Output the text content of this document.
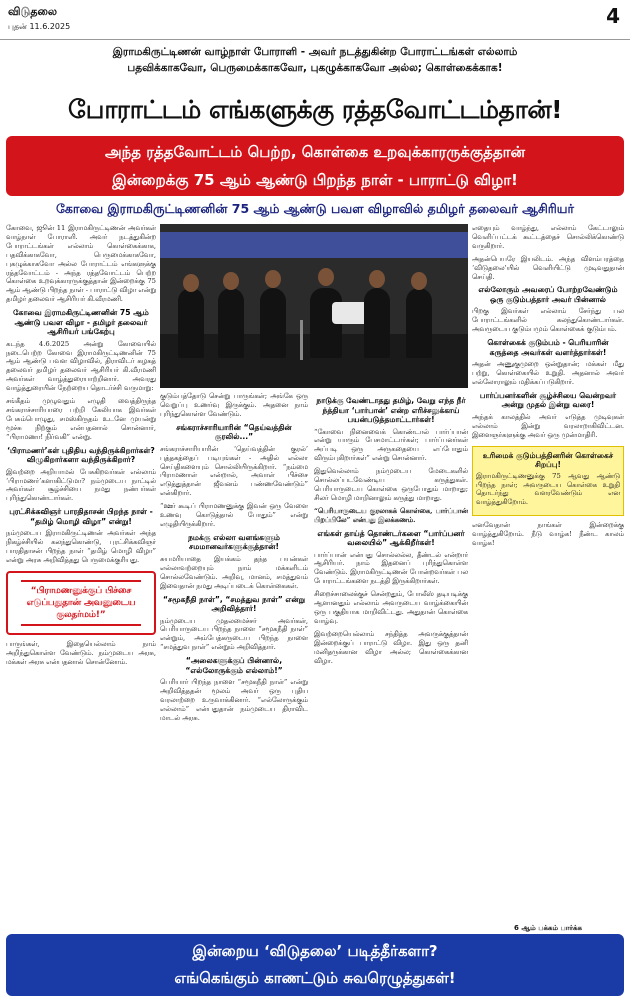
விடுதலை
புதன் 11.6.2025	4
இராமகிருட்டிணன் வாழ்நாள் போராளி - அவர் நடத்துகின்ற போராட்டங்கள் எல்லாம்
பதவிக்காகவோ, பெருமைக்காகவோ, புகழுக்காகவோ அல்ல; கொள்கைக்காக!
போராட்டம் எங்களுக்கு ரத்தவோட்டம்தான்!
அந்த ரத்தவோட்டம் பெற்ற, கொள்கை உறவுக்காரருக்குத்தான்
இன்றைக்கு 75 ஆம் ஆண்டு பிறந்த நாள் - பாராட்டு விழா!
கோவை இராமகிருட்டிணனின் 75 ஆம் ஆண்டு பவள விழாவில் தமிழர் தலைவர் ஆசிரியர்

கோவை, ஜூன் 11 இராமகிருட்டிணன் அவர்கள் வாழ்நாள் போராளி. அவர் நடத்துகின்ற போராட்டங்கள் எல்லாம் கொள்கைக்காக, பதவிக்காகவோ, பெருமைக்காகவோ, புகழுக்காகவோ அல்ல போராட்டம் எங்களுக்கு ரத்தவோட்டம் - அந்த ரத்தவோட்டம் பெற்ற கொள்கை உறவுக்காரருக்குத்தான் இன்றைக்கு 75 ஆம் ஆண்டு பிறந்த நாள் - பாராட்டு விழா என்று தமிழர் தலைவர் ஆசிரியர் கி.வீரமணி.

கோவை இராமகிருட்டிணனின் 75 ஆம் ஆண்டு பவள விழா - தமிழர் தலைவர் ஆசிரியர் பங்கேற்பு

கடந்த 4.6.2025 அன்று கோவையில் நடைபெற்ற கோவை இராமகிருட்டிணனின் 75 ஆம் ஆண்டு பவள விழாவில், திராவிடர் கழகத் தலைவர் தமிழர் தலைவர் ஆசிரியர் கி.வீரமணி அவர்கள் வாழ்த்துரையாற்றினார். அவரது வாழ்த்துரையின் நேற்றைய தொடர்ச்சி வருமாறு:

சங்கீதம் முழுவதும் எழுதி வைத்திருந்த சங்கராச்சாரியாரை பற்றி கேலியாக இவர்கள் பேசும்பொழுது, சமஸ்கிருதம் உடனே முயன்று மூச்சு நிற்கும் என்பதனால் சொன்னார், “பிராமணா! நிர்வகி” என்று.

‘பிராமணர்’கள் புதிதிய வந்திருக்கிறார்கள்? விழுகிறார்களா வந்திருக்கிறார்?

இவற்றை அறியாமல் பேசுகிறவர்கள் எல்லாம் ‘பிராமணர்’களாகிட்டுமா? நம்முடைய நாட்டில் அவர்கள் சூழ்ச்சியை நமது நண்பர்கள் புரிந்துகொண்டார்கள்.

புரட்சிக்கவிஞர் பாரதிதாசன் பிறந்த நாள் - “தமிழ் மொழி விழா” என்று!

நம்முடைய இராமகிருட்டிணன் அவர்கள் அந்த நிகழ்ச்சியில் கலந்துகொண்டு, புரட்சிக்கவிஞர் பாரதிதாசன் பிறந்த நாள் “தமிழ் மொழி விழா” என்று அரசு அறிவித்தது பெருமைக்குரியது.

“பிராமணனுக்குப் பிச்சை எடுப்பதுதான் அவனுடைய குலதர்மம்!”

பாருங்கள், இதையெல்லாம் நாம் அறிந்துகொள்ள வேண்டும். நம்முடைய அரசு, மக்கள் அரசு என்பதனால் சொன்னோம்.

குடும்பத்தோடு சென்று பாருங்கள்; அங்கே ஒரு வெறுப்பு உணர்வு இருக்கும். அதனை நாம் புரிந்துகொள்ள வேண்டும்.

சங்கராச்சாரியாரின் “தெய்வத்தின் குரலில்...”

சங்கராச்சாரியாரின் ‘தெய்வத்தின் குரல்’ புத்தகத்தைப் படியுங்கள் - அதில் எல்லா செய்திகளையும் சொல்லியிருக்கிறார். “நம்மை பிராமணாள் என்றால், அவாள் பிச்சை எடுத்துத்தான் ஜீவனம் பண்ணவேண்டும்” என்கிறார்.

“ஊர் கூடிப் பிராமணனுக்கு இவன் ஒரு வேளை உணவு கொடுத்தால் போதும்” என்று எழுதியிருக்கிறார்.

நமக்கு எல்லா வளங்களும் சமமானவர்களுக்குத்தான்!

சுயமரியாதை இயக்கம் தந்த பயன்கள் எல்லாவற்றையும் நாம் மக்களிடம் சொல்லவேண்டும். அறிவு, மானம், சமத்துவம் இவைதான் நமது அடிப்படைக் கொள்கைகள்.

“சமூகநீதி நாள்”, “சமத்துவ நாள்” என்று அறிவித்தார்!

நம்முடைய முதலமைச்சர் அவர்கள், பெரியாருடைய பிறந்த நாளை “சமூகநீதி நாள்” என்றும், அம்பேத்கருடைய பிறந்த நாளை “சமத்துவ நாள்” என்றும் அறிவித்தார்.

“அலைகளுக்குப் பின்னால், “எல்லோருக்கும் எல்லாம்!”

பெரியார் பிறந்த நாளை “சமூகநீதி நாள்” என்று அறிவித்ததன் மூலம் அவர் ஒரு புதிய வரலாற்றை உருவாக்கினார். “எல்லோருக்கும் எல்லாம்” என்பதுதான் நம்முடைய திராவிட மாடல் அரசு.

நாடுக்கு வேண்டாதது தமிழ், வேறு எந்த நீர் ந்த்தியா ‘பார்பான்’ என்ற எரிச்சலுக்காய் பயன்படுத்தமாட்டார்கள்!

“கோவை நினைவைக் கொண்டால் பார்ப்பான் என்று யாரும் பேசமாட்டார்கள்; பார்ப்பனர்கள் அப்படி ஒரு அருகதையை எப்போதும் விரும்புகிறார்கள்” என்று சொன்னார்.

இதுவெல்லாம் நம்முடைய மேடைகளில் சொல்லப்படவேண்டிய கருத்துகள். பெரியாருடைய கொள்கை ஒருபோதும் மாறாது; சிலர் மொழி மாறினாலும் கருத்து மாறாது.

“பெரியாருடைய குரலாகக் கொள்கை, பார்ப்பான் பிறப்பிலே” என்பது இலக்கணம்.

எங்கள் தாய்த் தொண்டர்களை “பார்ப்பனர் வலையில்” ஆக்கிறீர்கள்!

பார்ப்பான் என்பது சொல்லல்ல, தீண்டல் என்றார் ஆசிரியர். நாம் இதனைப் புரிந்துகொள்ள வேண்டும். இராமகிருட்டிணன் போன்றவர்கள் பல போராட்டங்களை நடத்தி இருக்கிறார்கள்.

சிறைச்சாலைக்குச் சென்றதும், போலீஸ் தடியடிக்கு ஆளானதும் எல்லாம் அவருடைய வாழ்க்கையின் ஒரு பகுதியாக மாறிவிட்டது. அதுதான் கொள்கை வாழ்வு.

இவற்றையெல்லாம் சந்தித்த அவருக்குத்தான் இன்றைக்குப் பாராட்டு விழா. இது ஒரு தனி மனிதருக்கான விழா அல்ல; கொள்கைக்கான விழா.

எதையும் வாழ்ந்து, எல்லாம் கேட்டாலும் வெளிப்பட்டக் கூட்டத்தைச் சொல்லிக்கொண்டு வருகிறார்.

அதன்பெயரே இயலிடம். அந்த விளம்பரத்தை ‘விடுதலை’யில் வெளியிட்டு முடிவதுதான் செய்தி.

எல்லோரும் அவரைப் போற்றவேண்டும் ஒரு குடும்பத்தார் அவர் பின்னால்

பிறகு இவர்கள் எல்லாம் சேர்ந்து பல போராட்டங்களில் கலந்துகொண்டார்கள். அவருடைய குடும்பமும் கொள்கைக் குடும்பம்.

கொள்கைக் குடும்பம் - பெரியாரின் கருத்தை அவர்கள் வளர்த்தார்கள்!

அதன் அணுகுமுறை ஒன்றுதான்; மக்கள் மீது பற்று, கொள்கையில் உறுதி. அதனால் அவர் எல்லோராலும் மதிக்கப்படுகிறார்.

பார்ப்பனர்களின் சூழ்ச்சியை வென்றவர் அன்று முதல் இன்று வரை!

அந்தக் காலத்தில் அவர் எடுத்த முடிவுகள் எல்லாம் இன்று வரலாறாகிவிட்டன. இளைஞர்களுக்கு அவர் ஒரு முன்மாதிரி.

உரிமைக் குடும்பத்தினரின் கொள்கைச் சிறப்பு!

இராமகிருட்டிணனுக்கு 75 ஆவது ஆண்டு பிறந்த நாள்; அவருடைய கொள்கை உறுதி தொடர்ந்து வளரவேண்டும் என வாழ்த்துகிறோம்.

எனவேதான் நாங்கள் இன்றைக்கு வாழ்த்துகிறோம். நீடு வாழ்க! நீண்ட காலம் வாழ்க!

6 ஆம் பக்கம் பார்க்க
இன்றைய ‘விடுதலை’ படித்தீர்களா?
எங்கெங்கும் காணட்டும் சுவரெழுத்துகள்!
